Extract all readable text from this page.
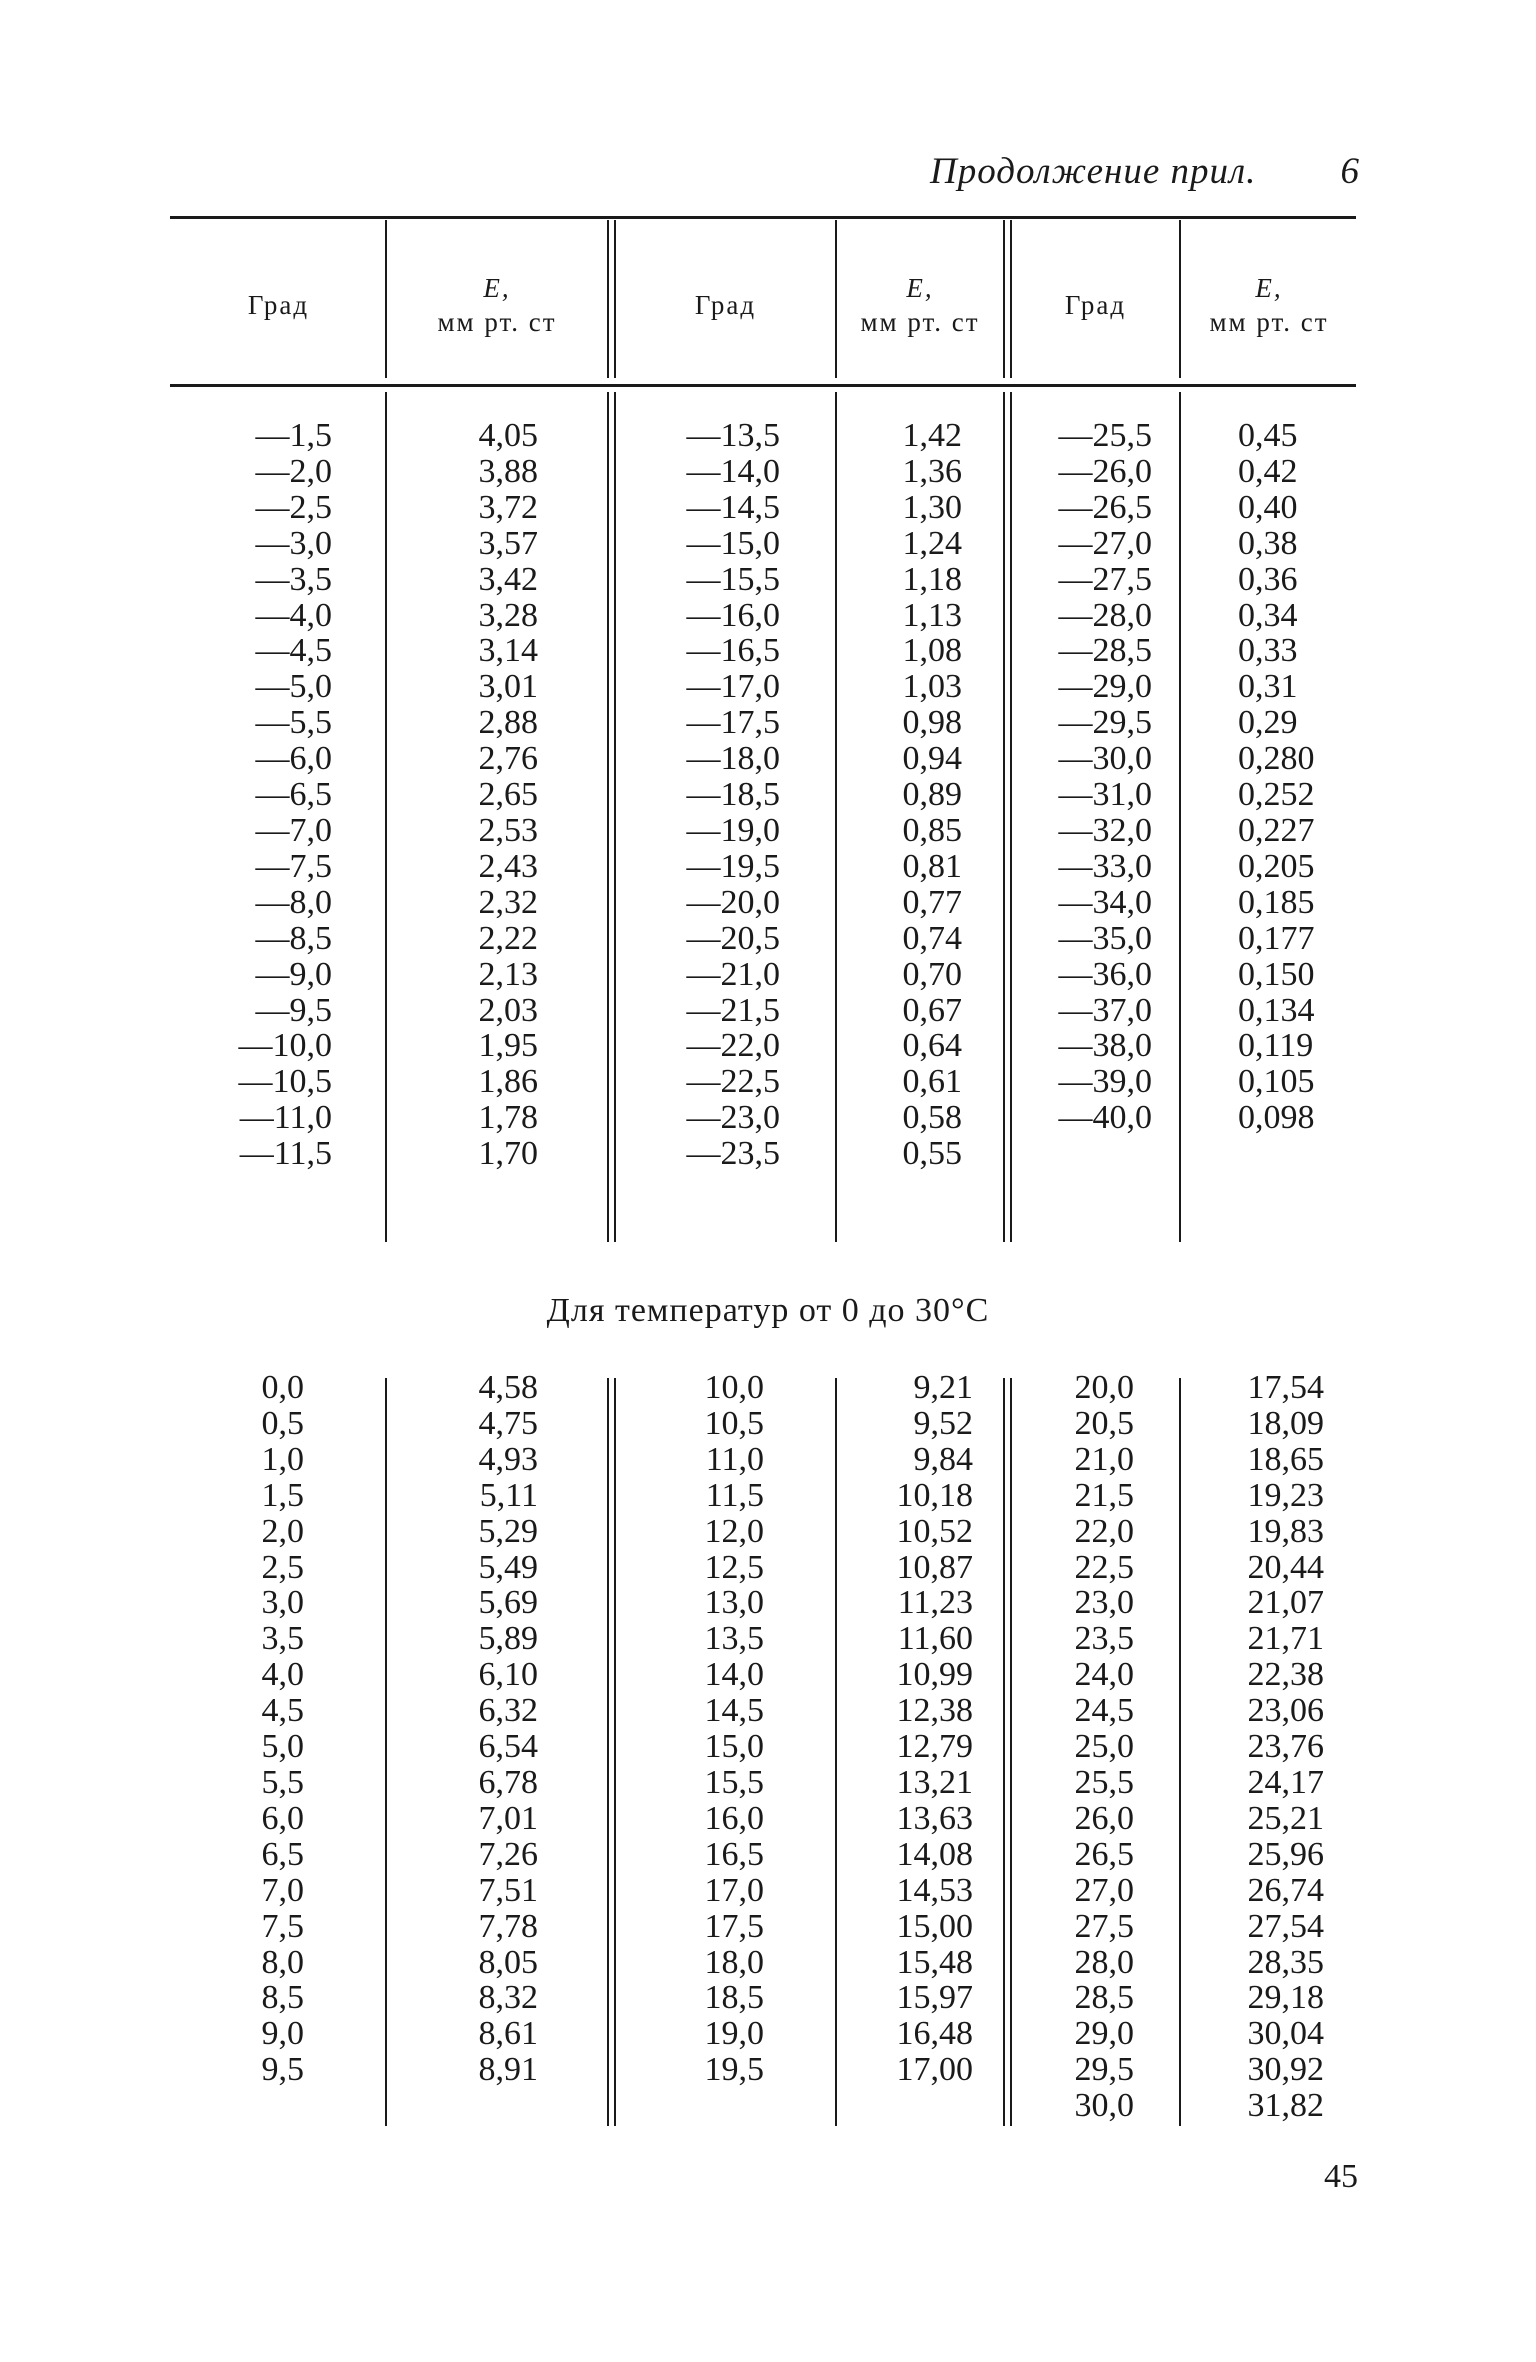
Продолжение прил. 6
Град
E,
мм рт. ст
Град
E,
мм рт. ст
Град
E,
мм рт. ст
—1,5
—2,0
—2,5
—3,0
—3,5
—4,0
—4,5
—5,0
—5,5
—6,0
—6,5
—7,0
—7,5
—8,0
—8,5
—9,0
—9,5
—10,0
—10,5
—11,0
—11,5
4,05
3,88
3,72
3,57
3,42
3,28
3,14
3,01
2,88
2,76
2,65
2,53
2,43
2,32
2,22
2,13
2,03
1,95
1,86
1,78
1,70
—13,5
—14,0
—14,5
—15,0
—15,5
—16,0
—16,5
—17,0
—17,5
—18,0
—18,5
—19,0
—19,5
—20,0
—20,5
—21,0
—21,5
—22,0
—22,5
—23,0
—23,5
1,42
1,36
1,30
1,24
1,18
1,13
1,08
1,03
0,98
0,94
0,89
0,85
0,81
0,77
0,74
0,70
0,67
0,64
0,61
0,58
0,55
—25,5
—26,0
—26,5
—27,0
—27,5
—28,0
—28,5
—29,0
—29,5
—30,0
—31,0
—32,0
—33,0
—34,0
—35,0
—36,0
—37,0
—38,0
—39,0
—40,0
0,45
0,42
0,40
0,38
0,36
0,34
0,33
0,31
0,29
0,280
0,252
0,227
0,205
0,185
0,177
0,150
0,134
0,119
0,105
0,098
Для температур от 0 до 30°С
0,0
0,5
1,0
1,5
2,0
2,5
3,0
3,5
4,0
4,5
5,0
5,5
6,0
6,5
7,0
7,5
8,0
8,5
9,0
9,5
4,58
4,75
4,93
5,11
5,29
5,49
5,69
5,89
6,10
6,32
6,54
6,78
7,01
7,26
7,51
7,78
8,05
8,32
8,61
8,91
10,0
10,5
11,0
11,5
12,0
12,5
13,0
13,5
14,0
14,5
15,0
15,5
16,0
16,5
17,0
17,5
18,0
18,5
19,0
19,5
9,21
9,52
9,84
10,18
10,52
10,87
11,23
11,60
10,99
12,38
12,79
13,21
13,63
14,08
14,53
15,00
15,48
15,97
16,48
17,00
20,0
20,5
21,0
21,5
22,0
22,5
23,0
23,5
24,0
24,5
25,0
25,5
26,0
26,5
27,0
27,5
28,0
28,5
29,0
29,5
30,0
17,54
18,09
18,65
19,23
19,83
20,44
21,07
21,71
22,38
23,06
23,76
24,17
25,21
25,96
26,74
27,54
28,35
29,18
30,04
30,92
31,82
45
